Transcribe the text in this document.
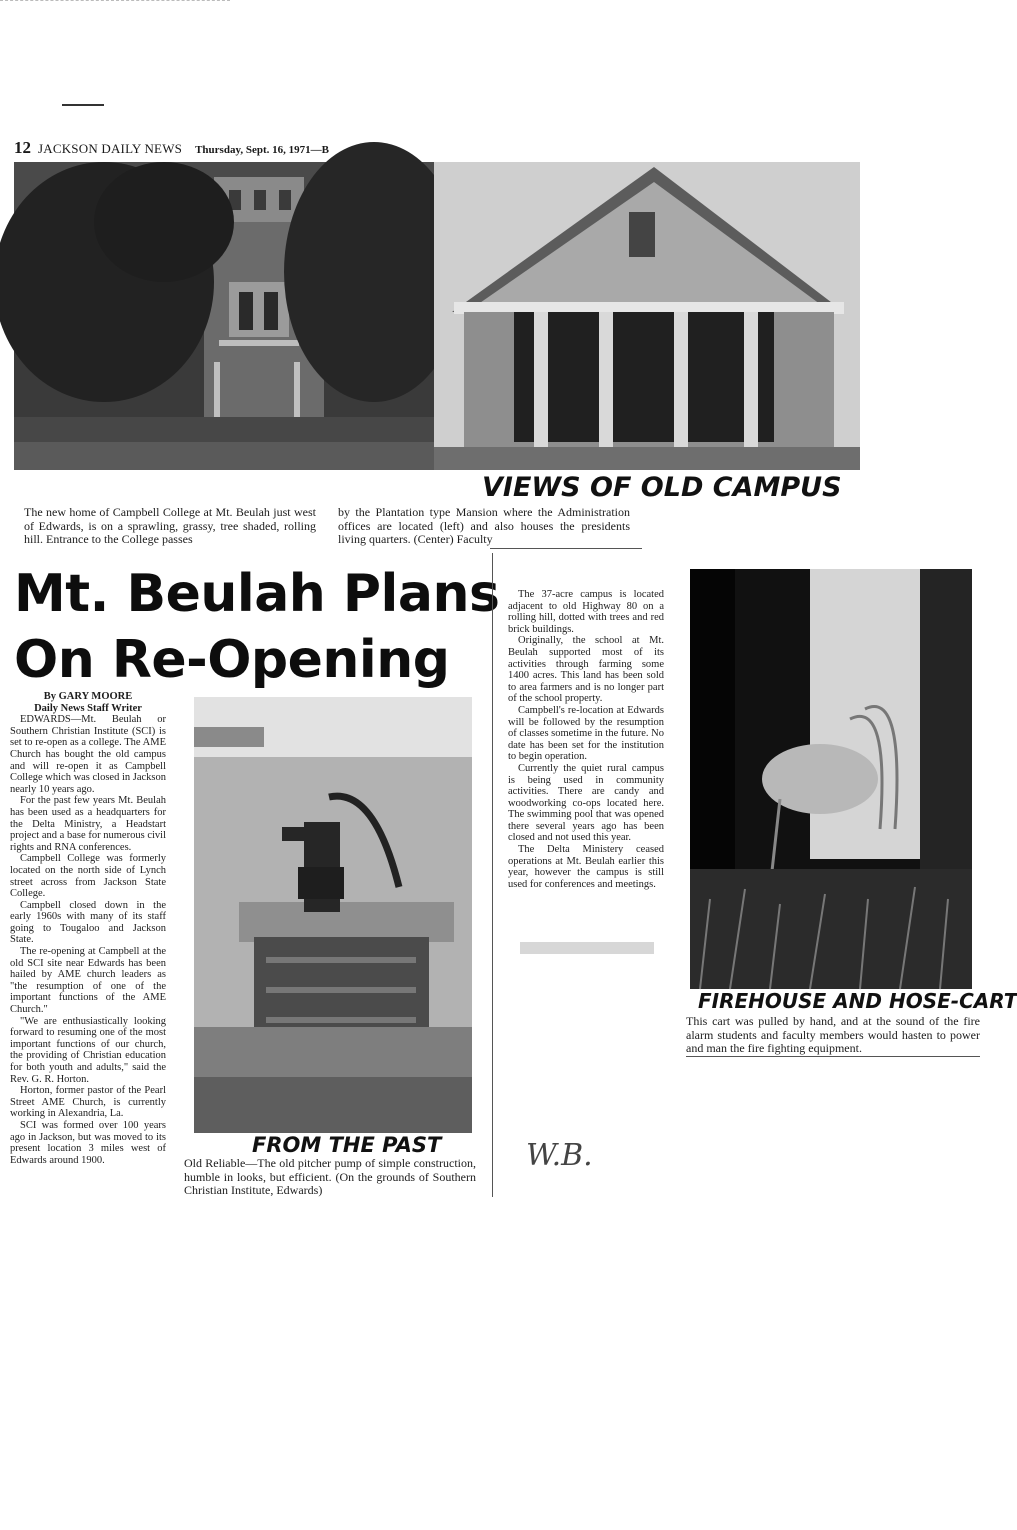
12 JACKSON DAILY NEWS Thursday, Sept. 16, 1971—B
VIEWS OF OLD CAMPUS
The new home of Campbell College at Mt. Beulah just west of Edwards, is on a sprawling, grassy, tree shaded, rolling hill. Entrance to the College passes
by the Plantation type Mansion where the Administration offices are located (left) and also houses the presidents living quarters. (Center) Faculty
Mt. Beulah Plans
On Re-Opening
By GARY MOORE
Daily News Staff Writer

EDWARDS—Mt. Beulah or Southern Christian Institute (SCI) is set to re-open as a college. The AME Church has bought the old campus and will re-open it as Campbell College which was closed in Jackson nearly 10 years ago.

For the past few years Mt. Beulah has been used as a headquarters for the Delta Ministry, a Headstart project and a base for numerous civil rights and RNA conferences.

Campbell College was formerly located on the north side of Lynch street across from Jackson State College.

Campbell closed down in the early 1960s with many of its staff going to Tougaloo and Jackson State.

The re-opening at Campbell at the old SCI site near Edwards has been hailed by AME church leaders as "the resumption of one of the important functions of the AME Church."

"We are enthusiastically looking forward to resuming one of the most important functions of our church, the providing of Christian education for both youth and adults," said the Rev. G. R. Horton.

Horton, former pastor of the Pearl Street AME Church, is currently working in Alexandria, La.

SCI was formed over 100 years ago in Jackson, but was moved to its present location 3 miles west of Edwards around 1900.

FROM THE PAST
Old Reliable—The old pitcher pump of simple construction, humble in looks, but efficient. (On the grounds of Southern Christian Institute, Edwards)

The 37-acre campus is located adjacent to old Highway 80 on a rolling hill, dotted with trees and red brick buildings.

Originally, the school at Mt. Beulah supported most of its activities through farming some 1400 acres. This land has been sold to area farmers and is no longer part of the school property.

Campbell's re-location at Edwards will be followed by the resumption of classes sometime in the future. No date has been set for the institution to begin operation.

Currently the quiet rural campus is being used in community activities. There are candy and woodworking co-ops located here. The swimming pool that was opened there several years ago has been closed and not used this year.

The Delta Ministery ceased operations at Mt. Beulah earlier this year, however the campus is still used for conferences and meetings.

FIREHOUSE AND HOSE-CART
This cart was pulled by hand, and at the sound of the fire alarm students and faculty members would hasten to power and man the fire fighting equipment.
W.B.
